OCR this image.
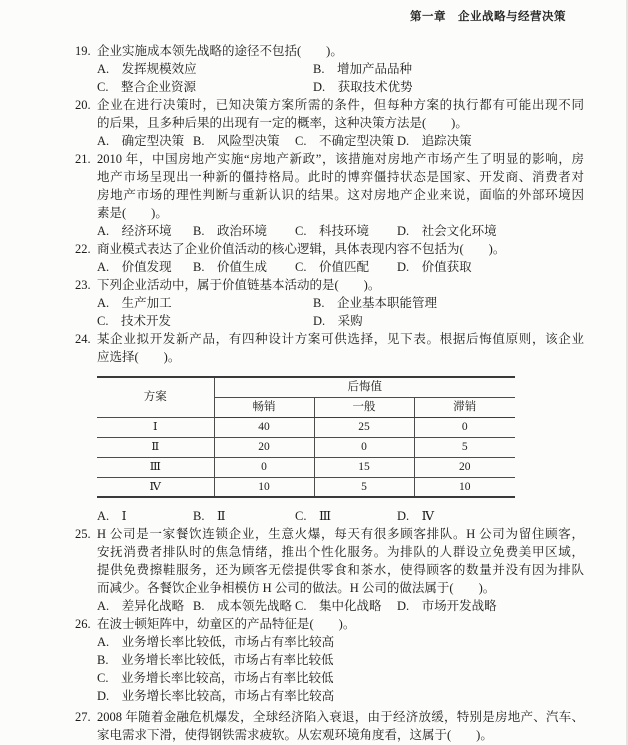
第一章　企业战略与经营决策
19. 企业实施成本领先战略的途径不包括(　　)。
A.　发挥规模效应	B.　增加产品品种
C.　整合企业资源	D.　获取技术优势
20. 企业在进行决策时，已知决策方案所需的条件，但每种方案的执行都有可能出现不同
的后果，且多种后果的出现有一定的概率，这种决策方法是(　　)。
A.　确定型决策 B.　风险型决策 C.　不确定型决策 D.　追踪决策
21. 2010 年，中国房地产实施“房地产新政”，该措施对房地产市场产生了明显的影响，房
地产市场呈现出一种新的僵持格局。此时的博弈僵持状态是国家、开发商、消费者对
房地产市场的理性判断与重新认识的结果。这对房地产企业来说，面临的外部环境因
素是(　　)。
A.　经济环境 B.　政治环境 C.　科技环境 D.　社会文化环境
22. 商业模式表达了企业价值活动的核心逻辑，具体表现内容不包括为(　　)。
A.　价值发现 B.　价值生成 C.　价值匹配 D.　价值获取
23. 下列企业活动中，属于价值链基本活动的是(　　)。
A.　生产加工	B.　企业基本职能管理
C.　技术开发	D.　采购
24. 某企业拟开发新产品，有四种设计方案可供选择，见下表。根据后悔值原则，该企业
应选择(　　)。
方案	后悔值		
	畅销	一般	滞销
Ⅰ	40	25	0
Ⅱ	20	0	5
Ⅲ	0	15	20
Ⅳ	10	5	10
A.　Ⅰ	B.　Ⅱ	C.　Ⅲ	D.　Ⅳ
25. H 公司是一家餐饮连锁企业，生意火爆，每天有很多顾客排队。H 公司为留住顾客，
安抚消费者排队时的焦急情绪，推出个性化服务。为排队的人群设立免费美甲区域，
提供免费擦鞋服务，还为顾客无偿提供零食和茶水，使得顾客的数量并没有因为排队
而减少。各餐饮企业争相模仿 H 公司的做法。H 公司的做法属于(　　)。
A.　差异化战略 B.　成本领先战略 C.　集中化战略 D.　市场开发战略
26. 在波士顿矩阵中，幼童区的产品特征是(　　)。
A.　业务增长率比较低，市场占有率比较高
B.　业务增长率比较低，市场占有率比较低
C.　业务增长率比较高，市场占有率比较低
D.　业务增长率比较高，市场占有率比较高
27. 2008 年随着金融危机爆发，全球经济陷入衰退，由于经济放缓，特别是房地产、汽车、
家电需求下滑，使得钢铁需求疲软。从宏观环境角度看，这属于(　　)。
